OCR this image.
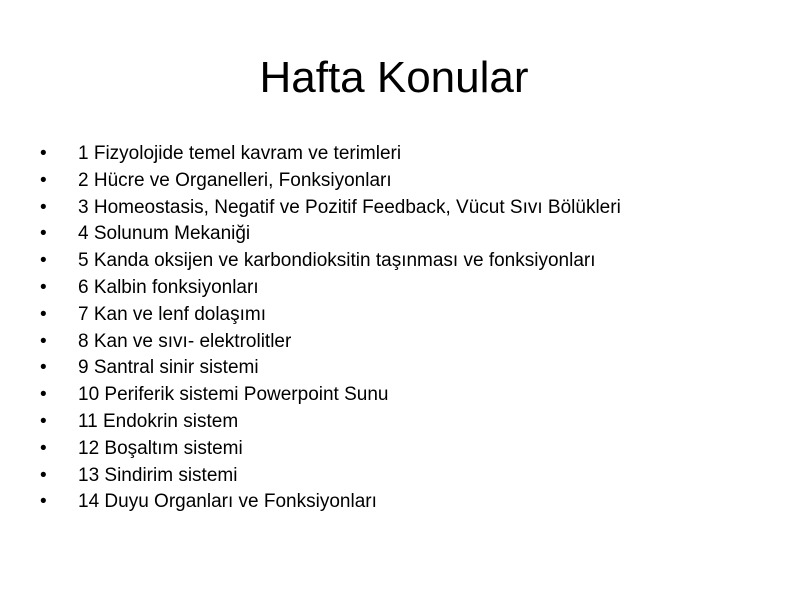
Hafta Konular
•	1 Fizyolojide temel kavram ve terimleri
•	2 Hücre ve Organelleri, Fonksiyonları
•	3 Homeostasis, Negatif ve Pozitif Feedback, Vücut Sıvı Bölükleri
•	4 Solunum Mekaniği
•	5 Kanda oksijen ve karbondioksitin taşınması ve fonksiyonları
•	6 Kalbin fonksiyonları
•	7 Kan ve lenf dolaşımı
•	8 Kan ve sıvı- elektrolitler
•	9 Santral sinir sistemi
•	10 Periferik sistemi Powerpoint Sunu
•	11 Endokrin sistem
•	12 Boşaltım sistemi
•	13 Sindirim sistemi
•	14 Duyu Organları ve Fonksiyonları
